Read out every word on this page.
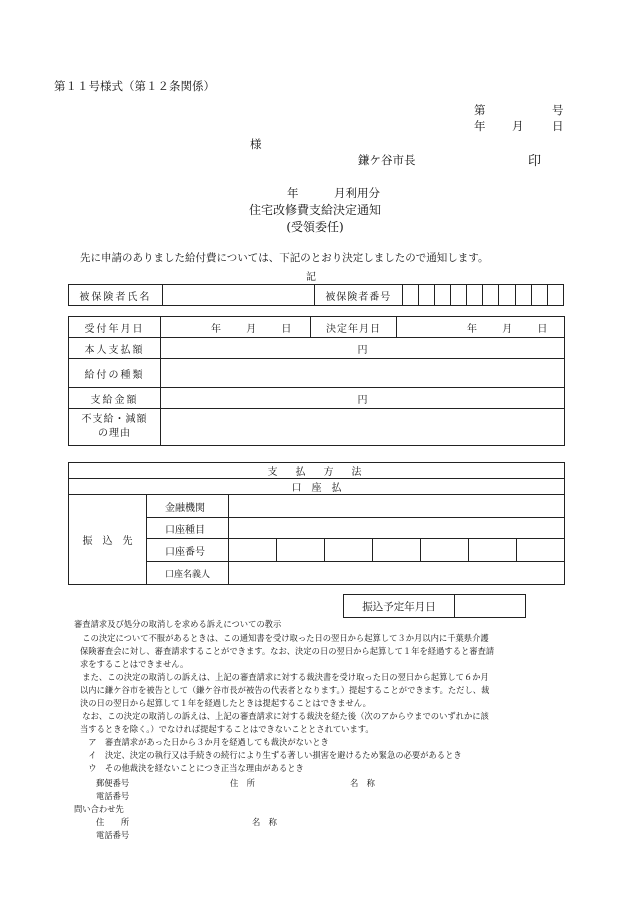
第１１号様式（第１２条関係）
第	号
年 月 日
様
鎌ケ谷市長	印
年	月利用分
住宅改修費支給決定通知
(受領委任)
先に申請のありました給付費については、下記のとおり決定しましたので通知します。
記
被保険者氏名		被保険者番号										
受付年月日	年 月 日	決定年月日	年 月 日
本人支払額	円		
給付の種類			
支給金額	円		

不支給・減額
の理由			

支　払　方　法								
口　座　払								
振　込　先	金融機関							
	口座種目							
	口座番号							
	口座名義人							
振込予定年月日	
審査請求及び処分の取消しを求める訴えについての教示
　この決定について不服があるときは、この通知書を受け取った日の翌日から起算して３か月以内に千葉県介護
保険審査会に対し、審査請求することができます。なお、決定の日の翌日から起算して１年を経過すると審査請
求をすることはできません。
　また、この決定の取消しの訴えは、上記の審査請求に対する裁決書を受け取った日の翌日から起算して６か月
以内に鎌ケ谷市を被告として（鎌ケ谷市長が被告の代表者となります。）提起することができます。ただし、裁
決の日の翌日から起算して１年を経過したときは提起することはできません。
　なお、この決定の取消しの訴えは、上記の審査請求に対する裁決を経た後（次のアからウまでのいずれかに該
当するときを除く。）でなければ提起することはできないこととされています。
　ア　審査請求があった日から３か月を経過しても裁決がないとき
　イ　決定、決定の執行又は手続きの続行により生ずる著しい損害を避けるため緊急の必要があるとき
　ウ　その他裁決を経ないことにつき正当な理由があるとき
郵便番号	住　所	名　称
電話番号
問い合わせ先
住　　所	名　称
電話番号
